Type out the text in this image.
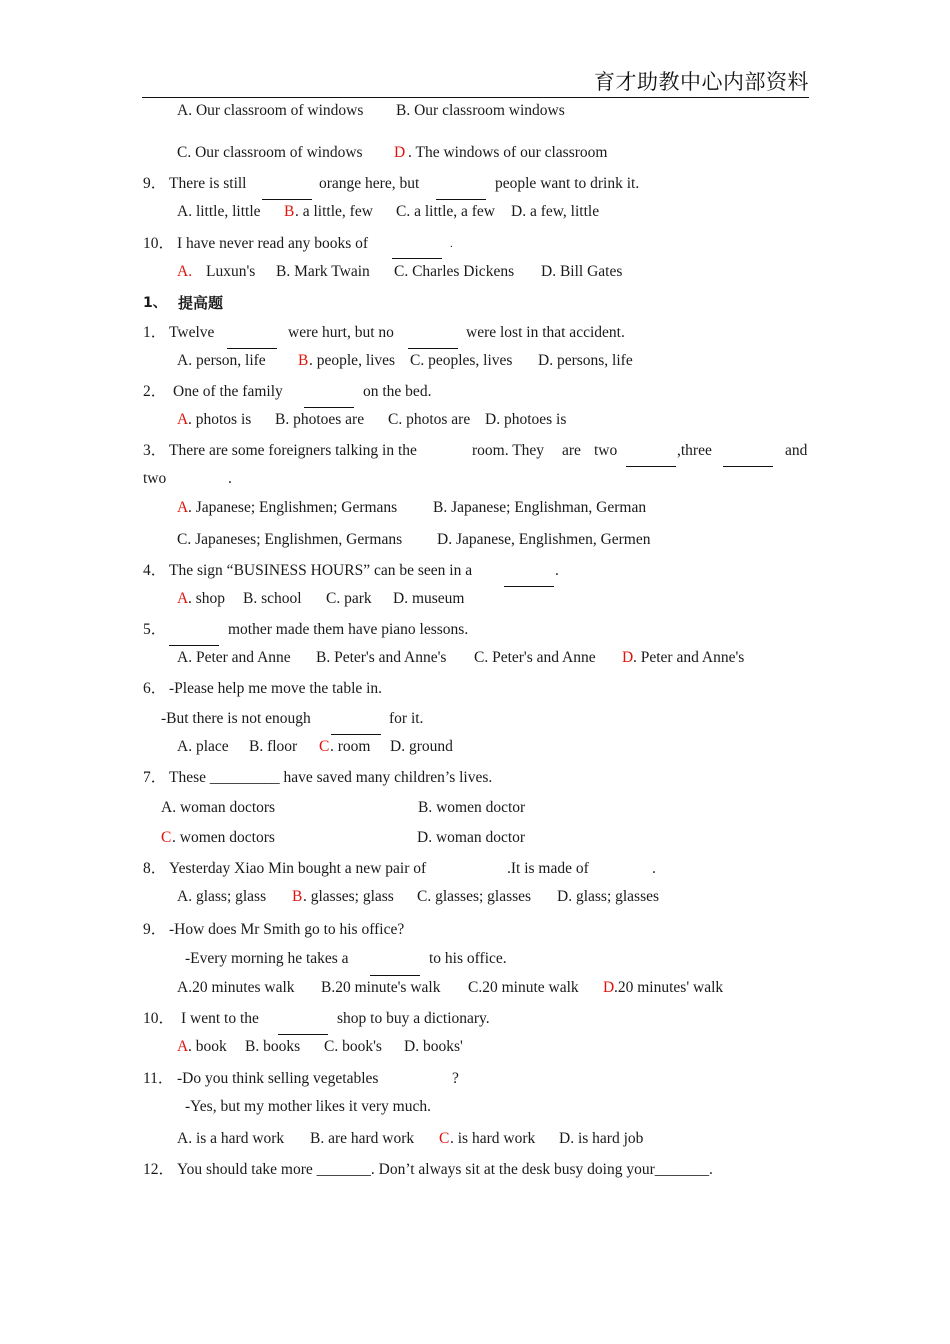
育才助教中心内部资料
A. Our classroom of windows B. Our classroom windows
C. Our classroom of windows D . The windows of our classroom
9． There is still	orange here, but	people want to drink it.
A. little, little B . a little, few C. a little, a few D. a few, little
10． I have never read any books of	.
A. Luxun's B. Mark Twain C. Charles Dickens D. Bill Gates
1、 提高题
1． Twelve	were hurt, but no	were lost in that accident.
A. person, life B . people, lives C. peoples, lives D. persons, life
2． One of the family	on the bed.
A . photos is B. photoes are C. photos are D. photoes is
3． There are some foreigners talking in the	room. They are two	,three	and
two	.
A . Japanese; Englishmen; Germans B. Japanese; Englishman, German
C. Japaneses; Englishmen, Germans D. Japanese, Englishmen, Germen
4． The sign “BUSINESS HOURS” can be seen in a	.
A . shop B. school C. park D. museum
5．	mother made them have piano lessons.
A. Peter and Anne B. Peter's and Anne's C. Peter's and Anne D . Peter and Anne's
6． -Please help me move the table in.
-But there is not enough	for it.
A. place B. floor C . room D. ground
7． These _________ have saved many children’s lives.
A. woman doctors	B. women doctor
C . women doctors	D. woman doctor
8． Yesterday Xiao Min bought a new pair of	.It is made of	.
A. glass; glass B . glasses; glass C. glasses; glasses D. glass; glasses
9． -How does Mr Smith go to his office?
-Every morning he takes a	to his office.
A.20 minutes walk B.20 minute's walk C.20 minute walk D .20 minutes' walk
10． I went to the	shop to buy a dictionary.
A . book B. books C. book's D. books'
11． -Do you think selling vegetables	?
-Yes, but my mother likes it very much.
A. is a hard work B. are hard work C . is hard work D. is hard job
12． You should take more _______. Don’t always sit at the desk busy doing your_______.
